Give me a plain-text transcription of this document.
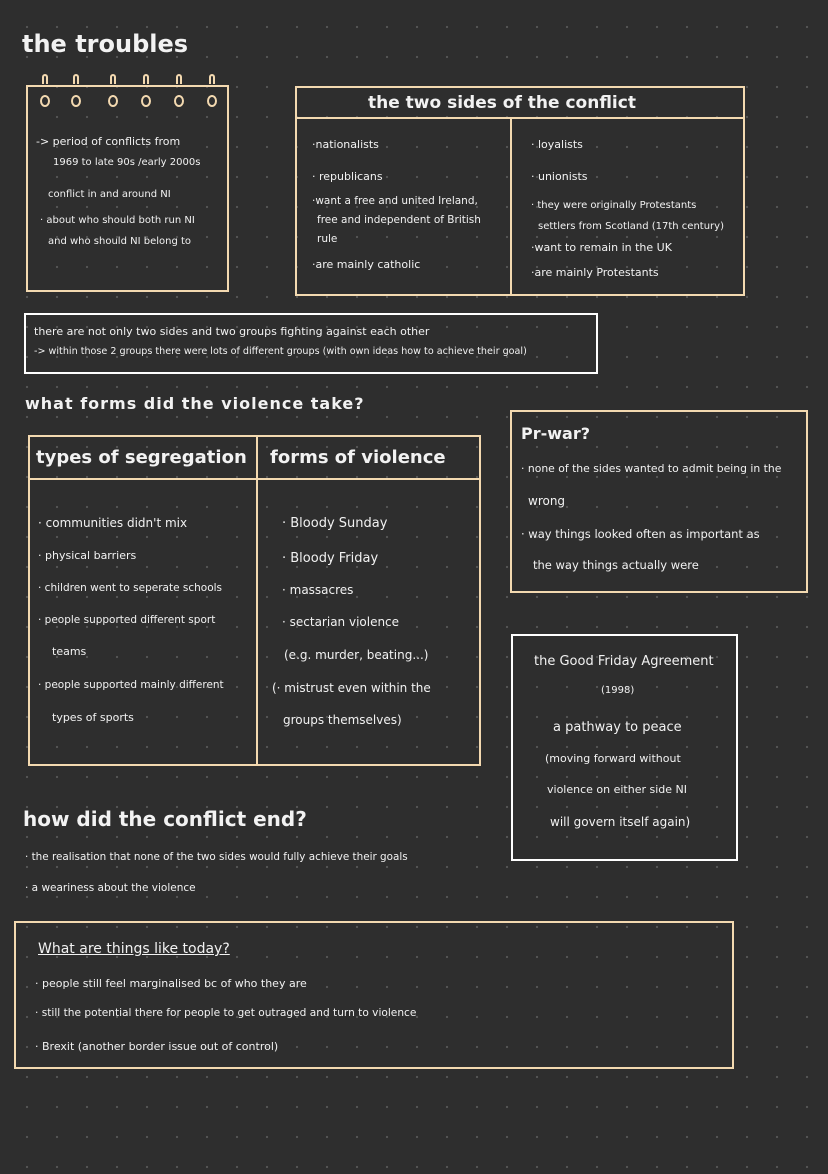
the troubles
-> period of conflicts from
1969 to late 90s /early 2000s
conflict in and around NI
· about who should both run NI
and who should NI belong to
the two sides of the conflict
·nationalists
· republicans
·want a free and united Ireland,
free and independent of British
rule
·are mainly catholic
· loyalists
· unionists
· they were originally Protestants
settlers from Scotland (17th century)
·want to remain in the UK
·are mainly Protestants
there are not only two sides and two groups fighting against each other
-> within those 2 groups there were lots of different groups (with own ideas how to achieve their goal)
what forms did the violence take?
types of segregation forms of violence
· communities didn't mix
· physical barriers
· children went to seperate schools
· people supported different sport
teams
· people supported mainly different
types of sports
· Bloody Sunday
· Bloody Friday
· massacres
· sectarian violence
(e.g. murder, beating...)
(· mistrust even within the
groups themselves)
Pr-war?
· none of the sides wanted to admit being in the
wrong
· way things looked often as important as
the way things actually were
the Good Friday Agreement
(1998)
a pathway to peace
(moving forward without
violence on either side NI
will govern itself again)
how did the conflict end?
· the realisation that none of the two sides would fully achieve their goals
· a weariness about the violence
What are things like today?
· people still feel marginalised bc of who they are
· still the potential there for people to get outraged and turn to violence
· Brexit (another border issue out of control)
